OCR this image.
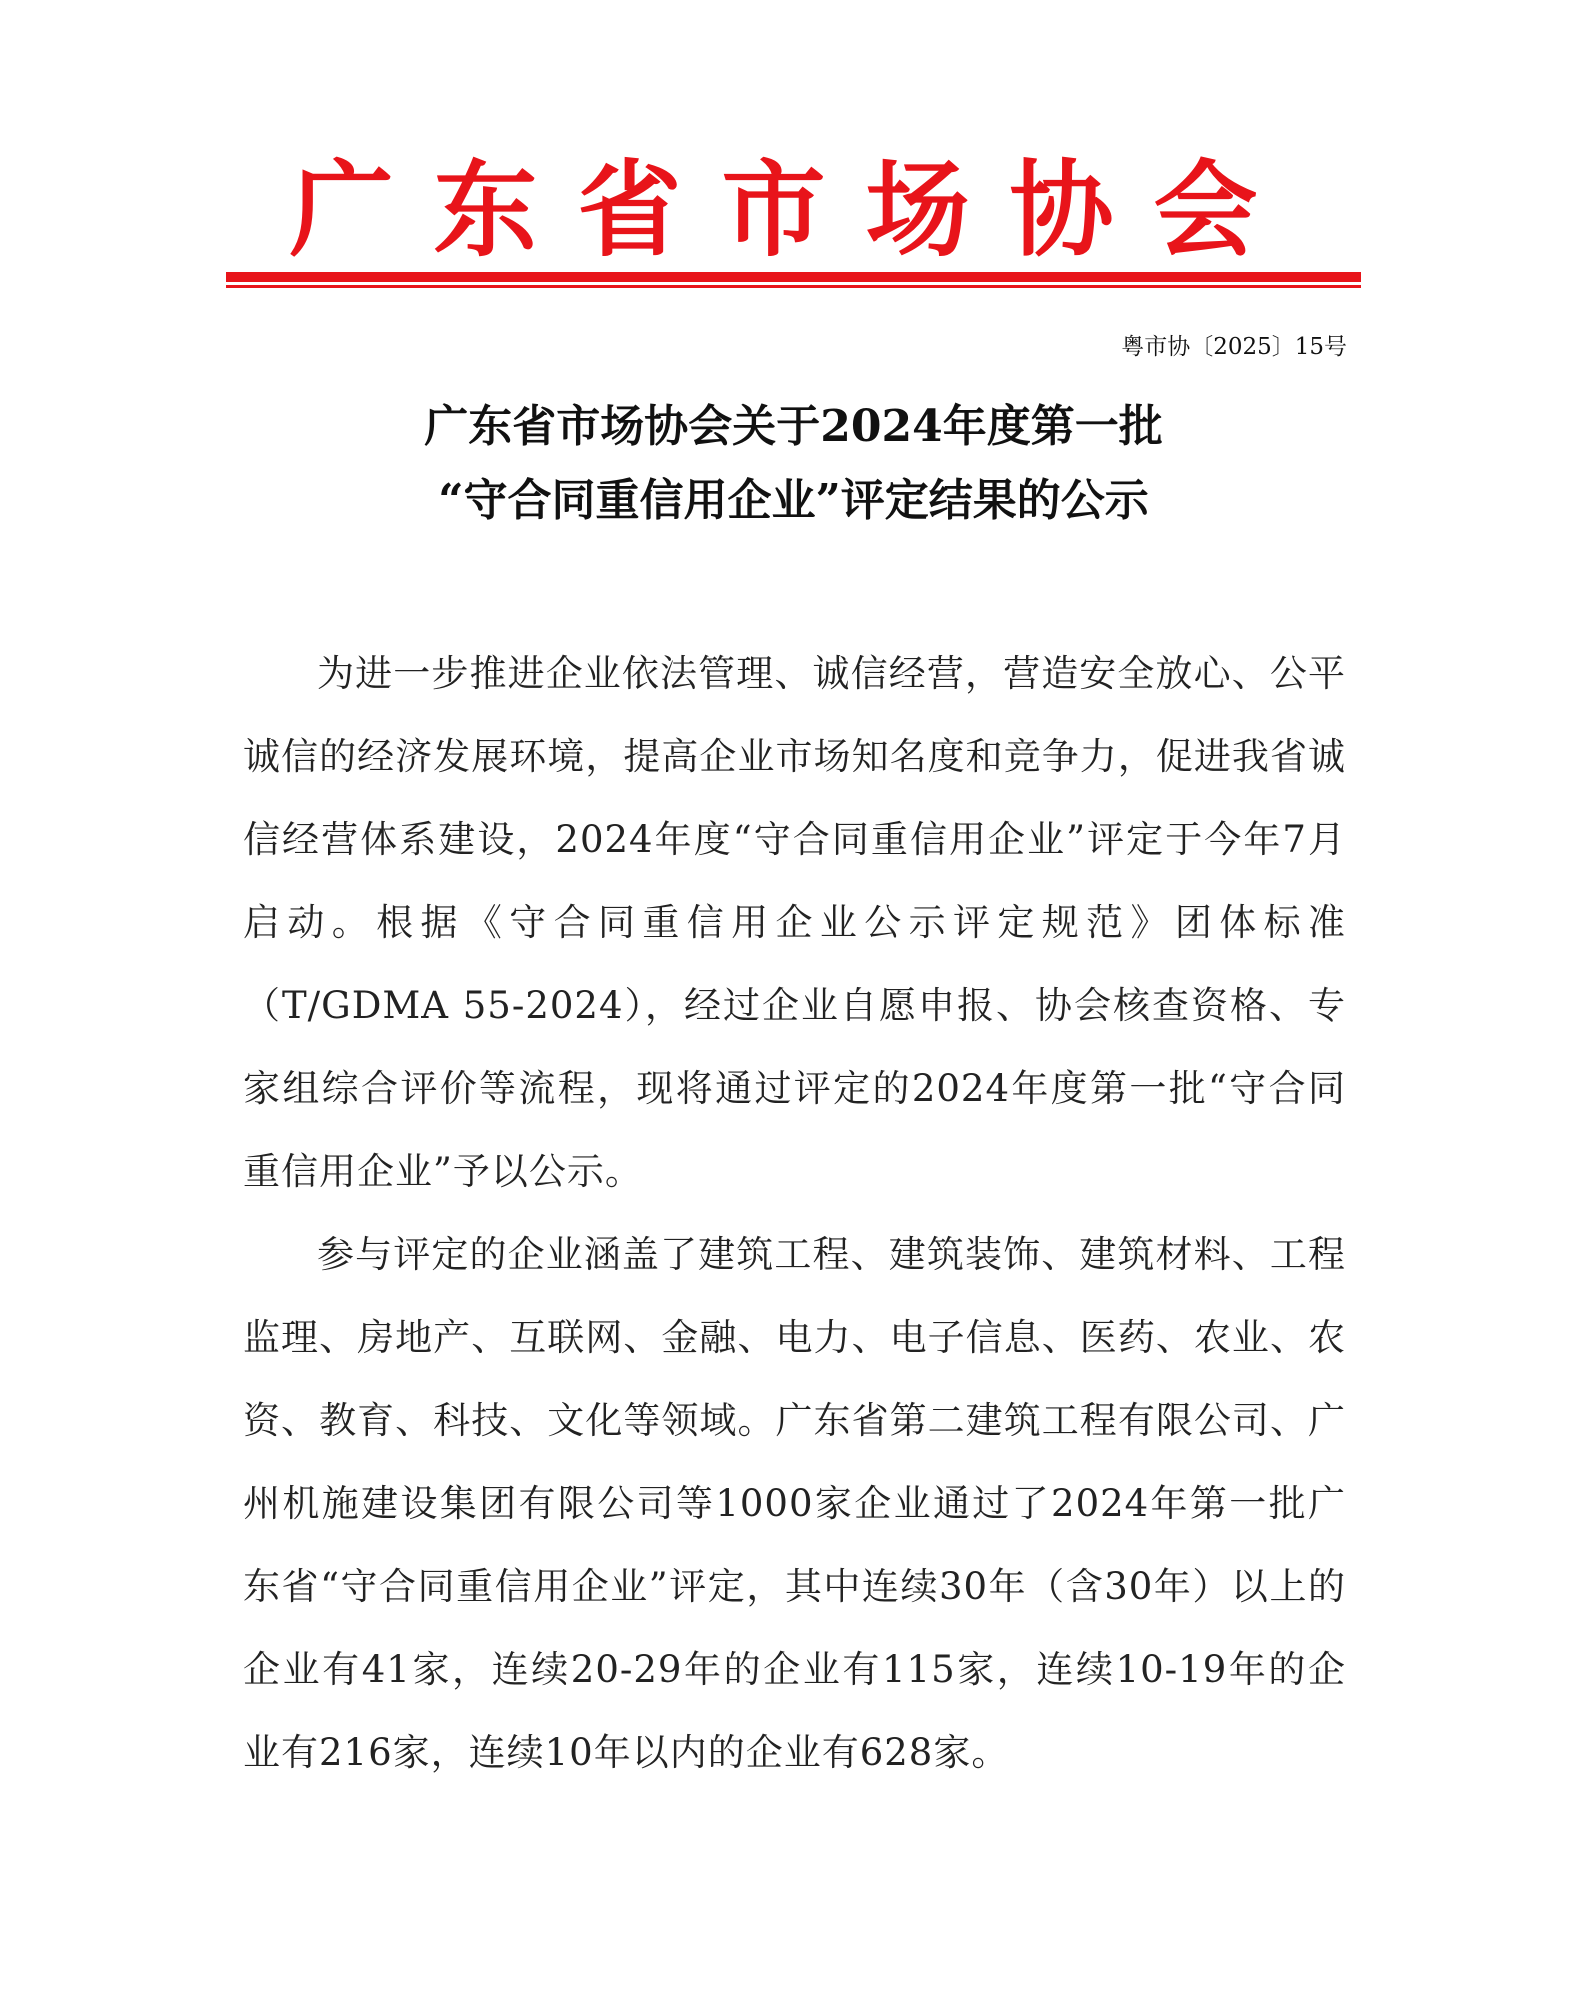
广东省市场协会
粤市协〔2025〕15号
广东省市场协会关于2024年度第一批
“守合同重信用企业”评定结果的公示

为进一步推进企业依法管理、诚信经营，营造安全放心、公平诚信的经济发展环境，提高企业市场知名度和竞争力，促进我省诚信经营体系建设，2024年度“守合同重信用企业”评定于今年7月启动。根据《守合同重信用企业公示评定规范》团体标准（T/GDMA 55-2024），经过企业自愿申报、协会核查资格、专家组综合评价等流程，现将通过评定的2024年度第一批“守合同重信用企业”予以公示。

参与评定的企业涵盖了建筑工程、建筑装饰、建筑材料、工程监理、房地产、互联网、金融、电力、电子信息、医药、农业、农资、教育、科技、文化等领域。广东省第二建筑工程有限公司、广州机施建设集团有限公司等1000家企业通过了2024年第一批广东省“守合同重信用企业”评定，其中连续30年（含30年）以上的企业有41家，连续20-29年的企业有115家，连续10-19年的企业有216家，连续10年以内的企业有628家。
